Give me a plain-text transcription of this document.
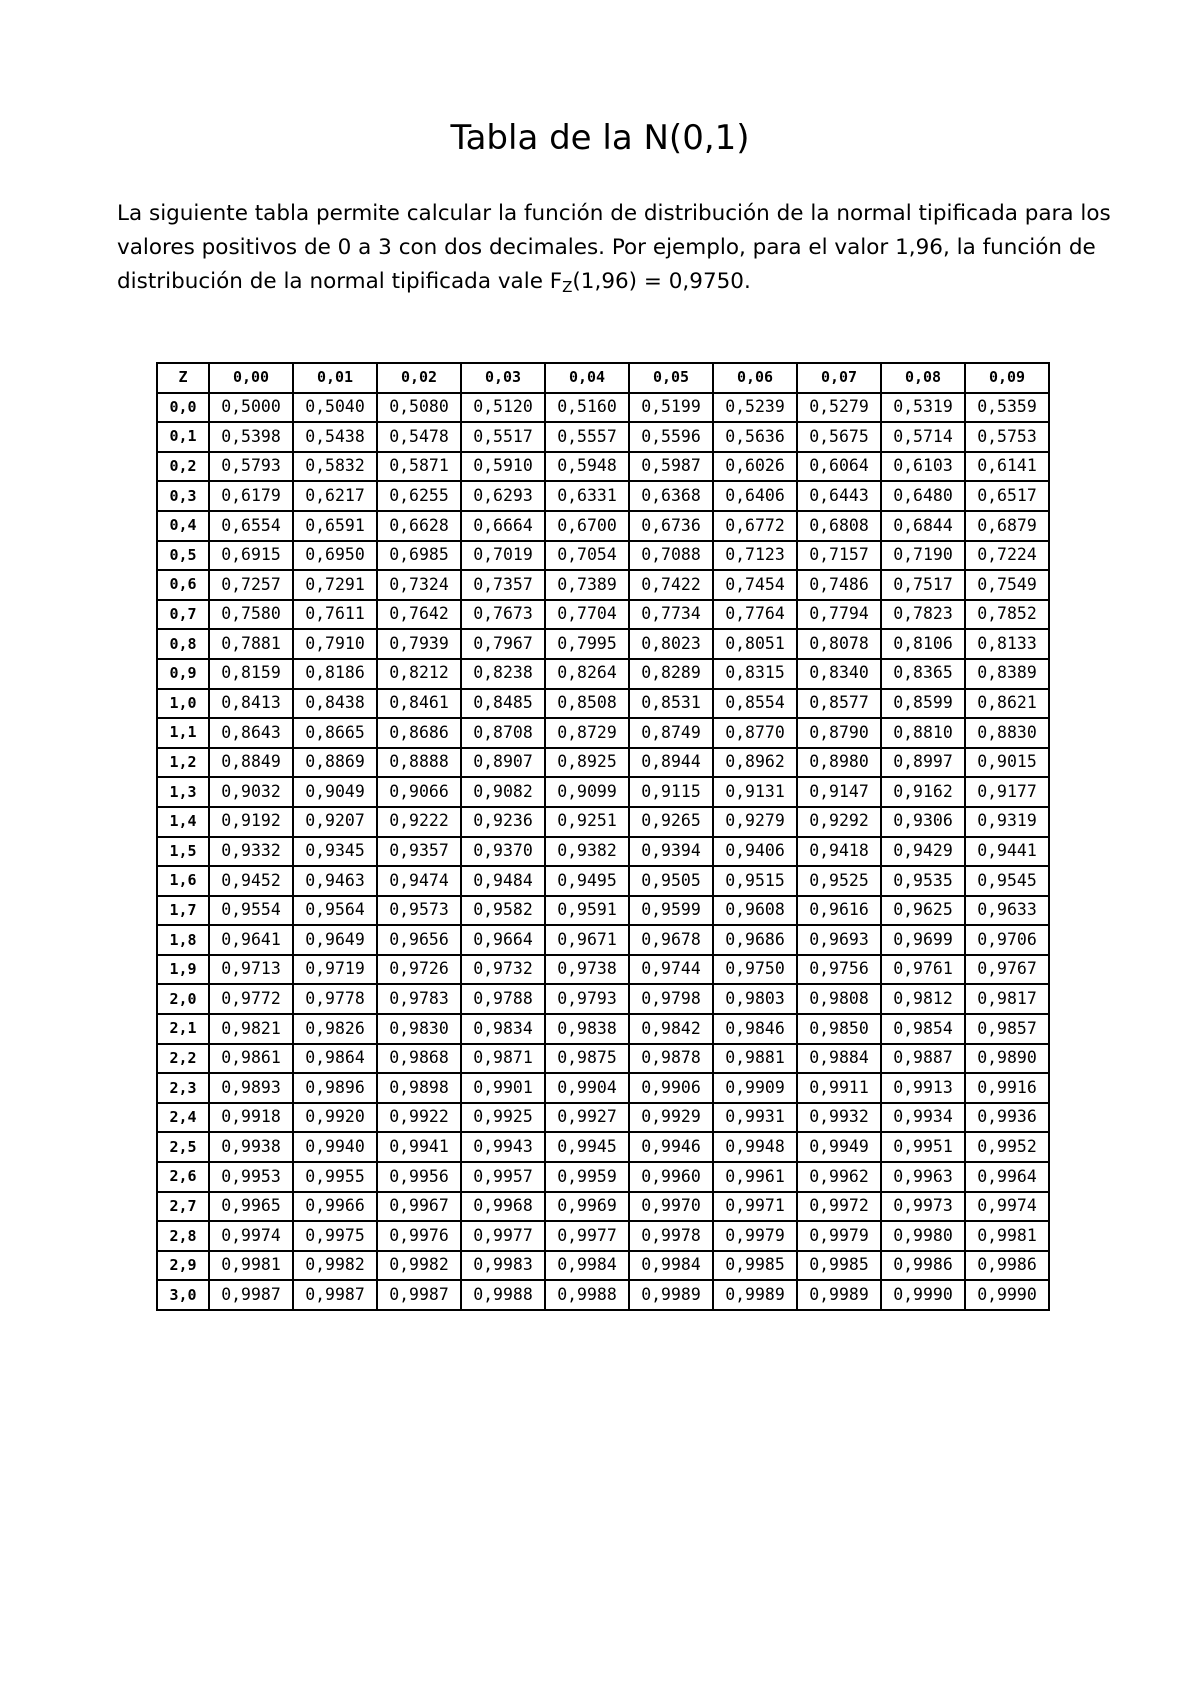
Tabla de la N(0,1)
La siguiente tabla permite calcular la función de distribución de la normal tipificada para los valores positivos de 0 a 3 con dos decimales. Por ejemplo, para el valor 1,96, la función de distribución de la normal tipificada vale $F_Z(1,96) = 0,9750$.
Z	0,00	0,01	0,02	0,03	0,04	0,05	0,06	0,07	0,08	0,09
0,0	0,5000	0,5040	0,5080	0,5120	0,5160	0,5199	0,5239	0,5279	0,5319	0,5359
0,1	0,5398	0,5438	0,5478	0,5517	0,5557	0,5596	0,5636	0,5675	0,5714	0,5753
0,2	0,5793	0,5832	0,5871	0,5910	0,5948	0,5987	0,6026	0,6064	0,6103	0,6141
0,3	0,6179	0,6217	0,6255	0,6293	0,6331	0,6368	0,6406	0,6443	0,6480	0,6517
0,4	0,6554	0,6591	0,6628	0,6664	0,6700	0,6736	0,6772	0,6808	0,6844	0,6879
0,5	0,6915	0,6950	0,6985	0,7019	0,7054	0,7088	0,7123	0,7157	0,7190	0,7224
0,6	0,7257	0,7291	0,7324	0,7357	0,7389	0,7422	0,7454	0,7486	0,7517	0,7549
0,7	0,7580	0,7611	0,7642	0,7673	0,7704	0,7734	0,7764	0,7794	0,7823	0,7852
0,8	0,7881	0,7910	0,7939	0,7967	0,7995	0,8023	0,8051	0,8078	0,8106	0,8133
0,9	0,8159	0,8186	0,8212	0,8238	0,8264	0,8289	0,8315	0,8340	0,8365	0,8389
1,0	0,8413	0,8438	0,8461	0,8485	0,8508	0,8531	0,8554	0,8577	0,8599	0,8621
1,1	0,8643	0,8665	0,8686	0,8708	0,8729	0,8749	0,8770	0,8790	0,8810	0,8830
1,2	0,8849	0,8869	0,8888	0,8907	0,8925	0,8944	0,8962	0,8980	0,8997	0,9015
1,3	0,9032	0,9049	0,9066	0,9082	0,9099	0,9115	0,9131	0,9147	0,9162	0,9177
1,4	0,9192	0,9207	0,9222	0,9236	0,9251	0,9265	0,9279	0,9292	0,9306	0,9319
1,5	0,9332	0,9345	0,9357	0,9370	0,9382	0,9394	0,9406	0,9418	0,9429	0,9441
1,6	0,9452	0,9463	0,9474	0,9484	0,9495	0,9505	0,9515	0,9525	0,9535	0,9545
1,7	0,9554	0,9564	0,9573	0,9582	0,9591	0,9599	0,9608	0,9616	0,9625	0,9633
1,8	0,9641	0,9649	0,9656	0,9664	0,9671	0,9678	0,9686	0,9693	0,9699	0,9706
1,9	0,9713	0,9719	0,9726	0,9732	0,9738	0,9744	0,9750	0,9756	0,9761	0,9767
2,0	0,9772	0,9778	0,9783	0,9788	0,9793	0,9798	0,9803	0,9808	0,9812	0,9817
2,1	0,9821	0,9826	0,9830	0,9834	0,9838	0,9842	0,9846	0,9850	0,9854	0,9857
2,2	0,9861	0,9864	0,9868	0,9871	0,9875	0,9878	0,9881	0,9884	0,9887	0,9890
2,3	0,9893	0,9896	0,9898	0,9901	0,9904	0,9906	0,9909	0,9911	0,9913	0,9916
2,4	0,9918	0,9920	0,9922	0,9925	0,9927	0,9929	0,9931	0,9932	0,9934	0,9936
2,5	0,9938	0,9940	0,9941	0,9943	0,9945	0,9946	0,9948	0,9949	0,9951	0,9952
2,6	0,9953	0,9955	0,9956	0,9957	0,9959	0,9960	0,9961	0,9962	0,9963	0,9964
2,7	0,9965	0,9966	0,9967	0,9968	0,9969	0,9970	0,9971	0,9972	0,9973	0,9974
2,8	0,9974	0,9975	0,9976	0,9977	0,9977	0,9978	0,9979	0,9979	0,9980	0,9981
2,9	0,9981	0,9982	0,9982	0,9983	0,9984	0,9984	0,9985	0,9985	0,9986	0,9986
3,0	0,9987	0,9987	0,9987	0,9988	0,9988	0,9989	0,9989	0,9989	0,9990	0,9990
